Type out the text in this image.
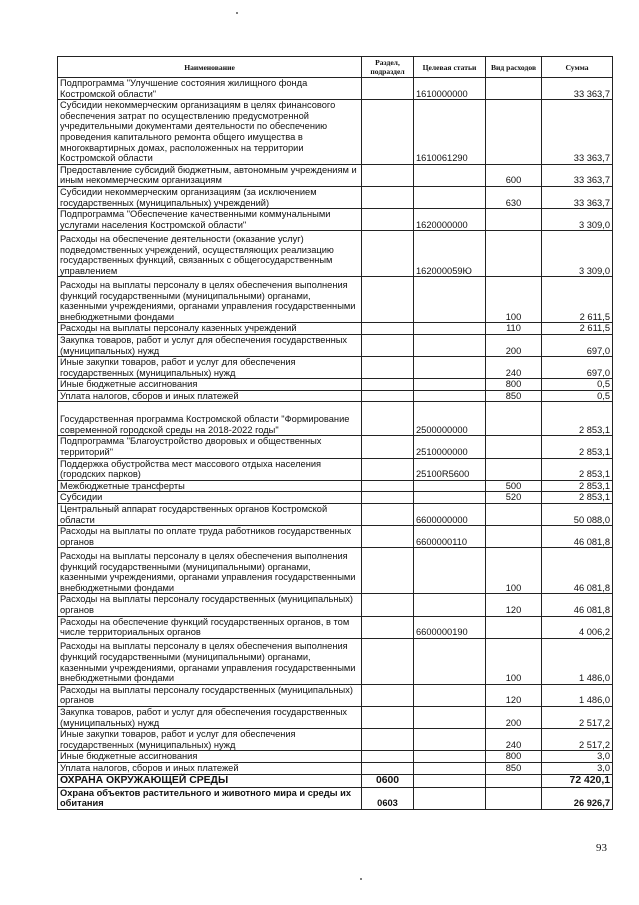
Наименование	Раздел, подраздел	Целевая статьи	Вид расходов	Сумма
Подпрограмма "Улучшение состояния жилищного фонда Костромской области"		1610000000		33 363,7
Субсидии некоммерческим организациям в целях финансового обеспечения затрат по осуществлению предусмотренной учредительными документами деятельности по обеспечению проведения капитального ремонта общего имущества в многоквартирных домах, расположенных на территории Костромской области		1610061290		33 363,7
Предоставление субсидий бюджетным, автономным учреждениям и иным некоммерческим организациям			600	33 363,7
Субсидии некоммерческим организациям (за исключением государственных (муниципальных) учреждений)			630	33 363,7
Подпрограмма "Обеспечение качественными коммунальными услугами населения Костромской области"		1620000000		3 309,0
Расходы на обеспечение деятельности (оказание услуг) подведомственных учреждений, осуществляющих реализацию государственных функций, связанных с общегосударственным управлением		162000059Ю		3 309,0
Расходы на выплаты персоналу в целях обеспечения выполнения функций государственными (муниципальными) органами, казенными учреждениями, органами управления государственными внебюджетными фондами			100	2 611,5
Расходы на выплаты персоналу казенных учреждений			110	2 611,5
Закупка товаров, работ и услуг для обеспечения государственных (муниципальных) нужд			200	697,0
Иные закупки товаров, работ и услуг для обеспечения государственных (муниципальных) нужд			240	697,0
Иные бюджетные ассигнования			800	0,5
Уплата налогов, сборов и иных платежей			850	0,5
Государственная программа Костромской области "Формирование современной городской среды на 2018-2022 годы"		2500000000		2 853,1
Подпрограмма "Благоустройство дворовых и общественных территорий"		2510000000		2 853,1
Поддержка обустройства мест массового отдыха населения (городских парков)		25100R5600		2 853,1
Межбюджетные трансферты			500	2 853,1
Субсидии			520	2 853,1
Центральный аппарат государственных органов Костромской области		6600000000		50 088,0
Расходы на выплаты по оплате труда работников государственных органов		6600000110		46 081,8
Расходы на выплаты персоналу в целях обеспечения выполнения функций государственными (муниципальными) органами, казенными учреждениями, органами управления государственными внебюджетными фондами			100	46 081,8
Расходы на выплаты персоналу государственных (муниципальных) органов			120	46 081,8
Расходы на обеспечение функций государственных органов, в том числе территориальных органов		6600000190		4 006,2
Расходы на выплаты персоналу в целях обеспечения выполнения функций государственными (муниципальными) органами, казенными учреждениями, органами управления государственными внебюджетными фондами			100	1 486,0
Расходы на выплаты персоналу государственных (муниципальных) органов			120	1 486,0
Закупка товаров, работ и услуг для обеспечения государственных (муниципальных) нужд			200	2 517,2
Иные закупки товаров, работ и услуг для обеспечения государственных (муниципальных) нужд			240	2 517,2
Иные бюджетные ассигнования			800	3,0
Уплата налогов, сборов и иных платежей			850	3,0
ОХРАНА ОКРУЖАЮЩЕЙ СРЕДЫ	0600			72 420,1
Охрана объектов растительного и животного мира и среды их обитания	0603			26 926,7
93
